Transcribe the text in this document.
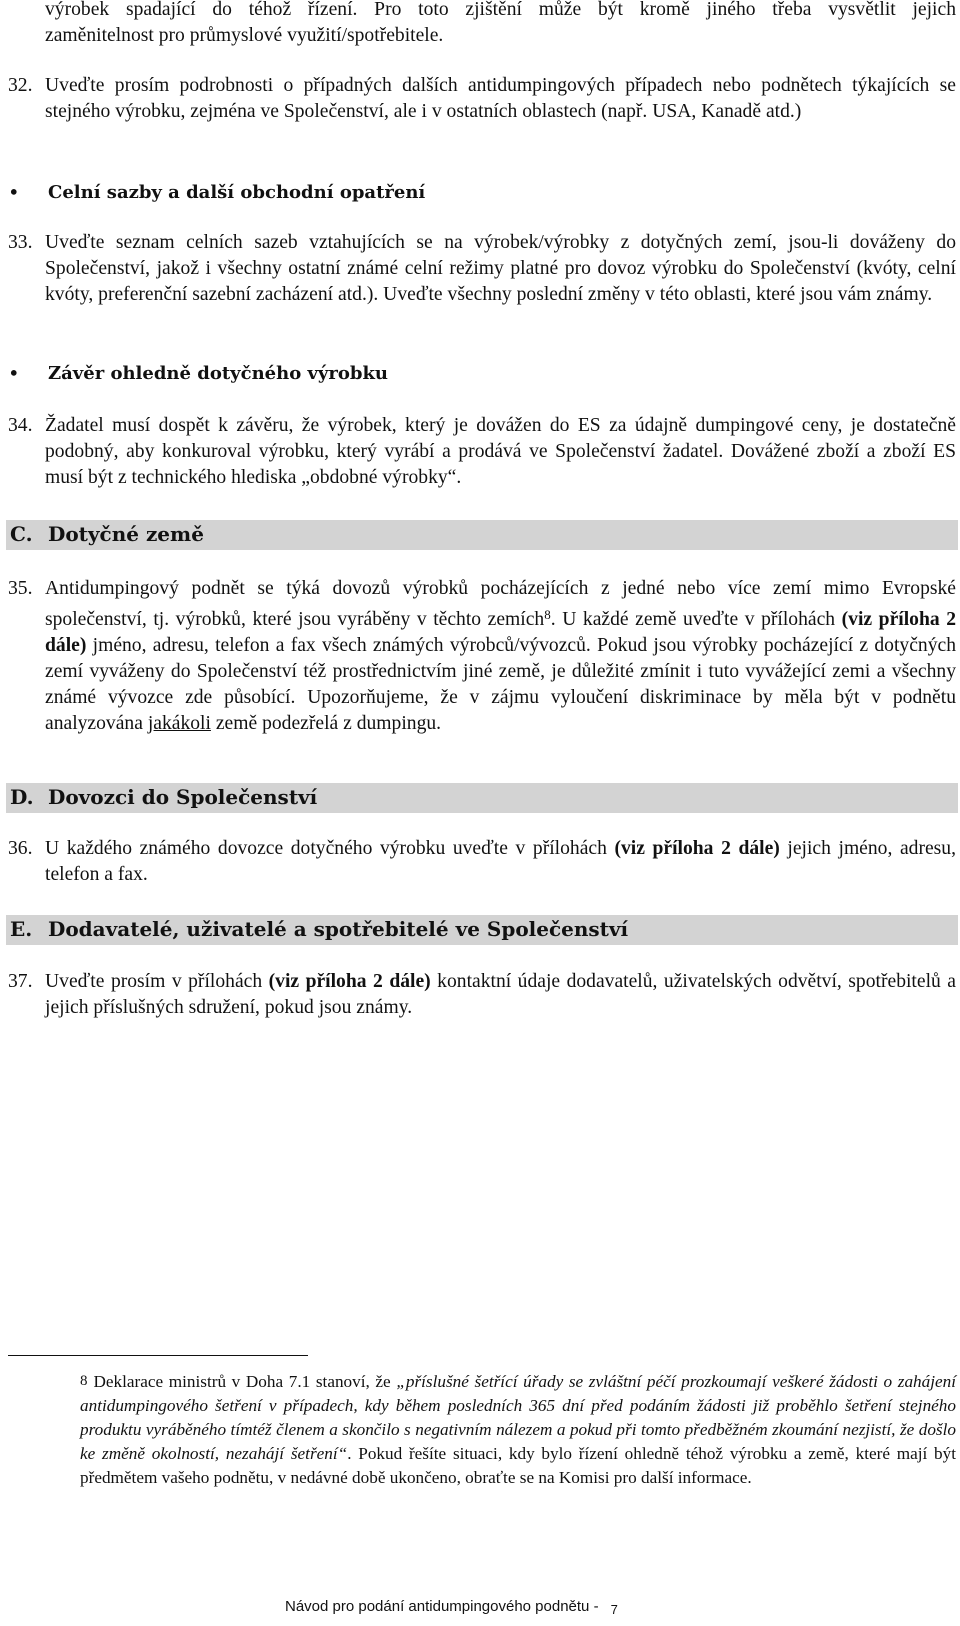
výrobek spadající do téhož řízení. Pro toto zjištění může být kromě jiného třeba vysvětlit jejich

zaměnitelnost pro průmyslové využití/spotřebitele.

32. Uveďte prosím podrobnosti o případných dalších antidumpingových případech nebo podnětech týkajících se stejného výrobku, zejména ve Společenství, ale i v ostatních oblastech (např. USA, Kanadě atd.)

• Celní sazby a další obchodní opatření
33. Uveďte seznam celních sazeb vztahujících se na výrobek/výrobky z dotyčných zemí, jsou-li dováženy do Společenství, jakož i všechny ostatní známé celní režimy platné pro dovoz výrobku do Společenství (kvóty, celní kvóty, preferenční sazební zacházení atd.). Uveďte všechny poslední změny v této oblasti, které jsou vám známy.

• Závěr ohledně dotyčného výrobku
34. Žadatel musí dospět k závěru, že výrobek, který je dovážen do ES za údajně dumpingové ceny, je dostatečně podobný, aby konkuroval výrobku, který vyrábí a prodává ve Společenství žadatel. Dovážené zboží a zboží ES musí být z technického hlediska „obdobné výrobky“.

C. Dotyčné země
35. Antidumpingový podnět se týká dovozů výrobků pocházejících z jedné nebo více zemí mimo Evropské společenství, tj. výrobků, které jsou vyráběny v těchto zemích$^8$. U každé země uveďte v přílohách (viz příloha 2 dále) jméno, adresu, telefon a fax všech známých výrobců/vývozců. Pokud jsou výrobky pocházející z dotyčných zemí vyváženy do Společenství též prostřednictvím jiné země, je důležité zmínit i tuto vyvážející zemi a všechny známé vývozce zde působící. Upozorňujeme, že v zájmu vyloučení diskriminace by měla být v podnětu analyzována jakákoli země podezřelá z dumpingu.

D. Dovozci do Společenství
36. U každého známého dovozce dotyčného výrobku uveďte v přílohách (viz příloha 2 dále) jejich jméno, adresu, telefon a fax.

E. Dodavatelé, uživatelé a spotřebitelé ve Společenství
37. Uveďte prosím v přílohách (viz příloha 2 dále) kontaktní údaje dodavatelů, uživatelských odvětví, spotřebitelů a jejich příslušných sdružení, pokud jsou známy.

$^8$ Deklarace ministrů v Doha 7.1 stanoví, že „příslušné šetřící úřady se zvláštní péčí prozkoumají veškeré žádosti o zahájení antidumpingového šetření v případech, kdy během posledních 365 dní před podáním žádosti již proběhlo šetření stejného produktu vyráběného tímtéž členem a skončilo s negativním nálezem a pokud při tomto předběžném zkoumání nezjistí, že došlo ke změně okolností, nezahájí šetření“. Pokud řešíte situaci, kdy bylo řízení ohledně téhož výrobku a země, které mají být předmětem vašeho podnětu, v nedávné době ukončeno, obraťte se na Komisi pro další informace.
Návod pro podání antidumpingového podnětu - 7
